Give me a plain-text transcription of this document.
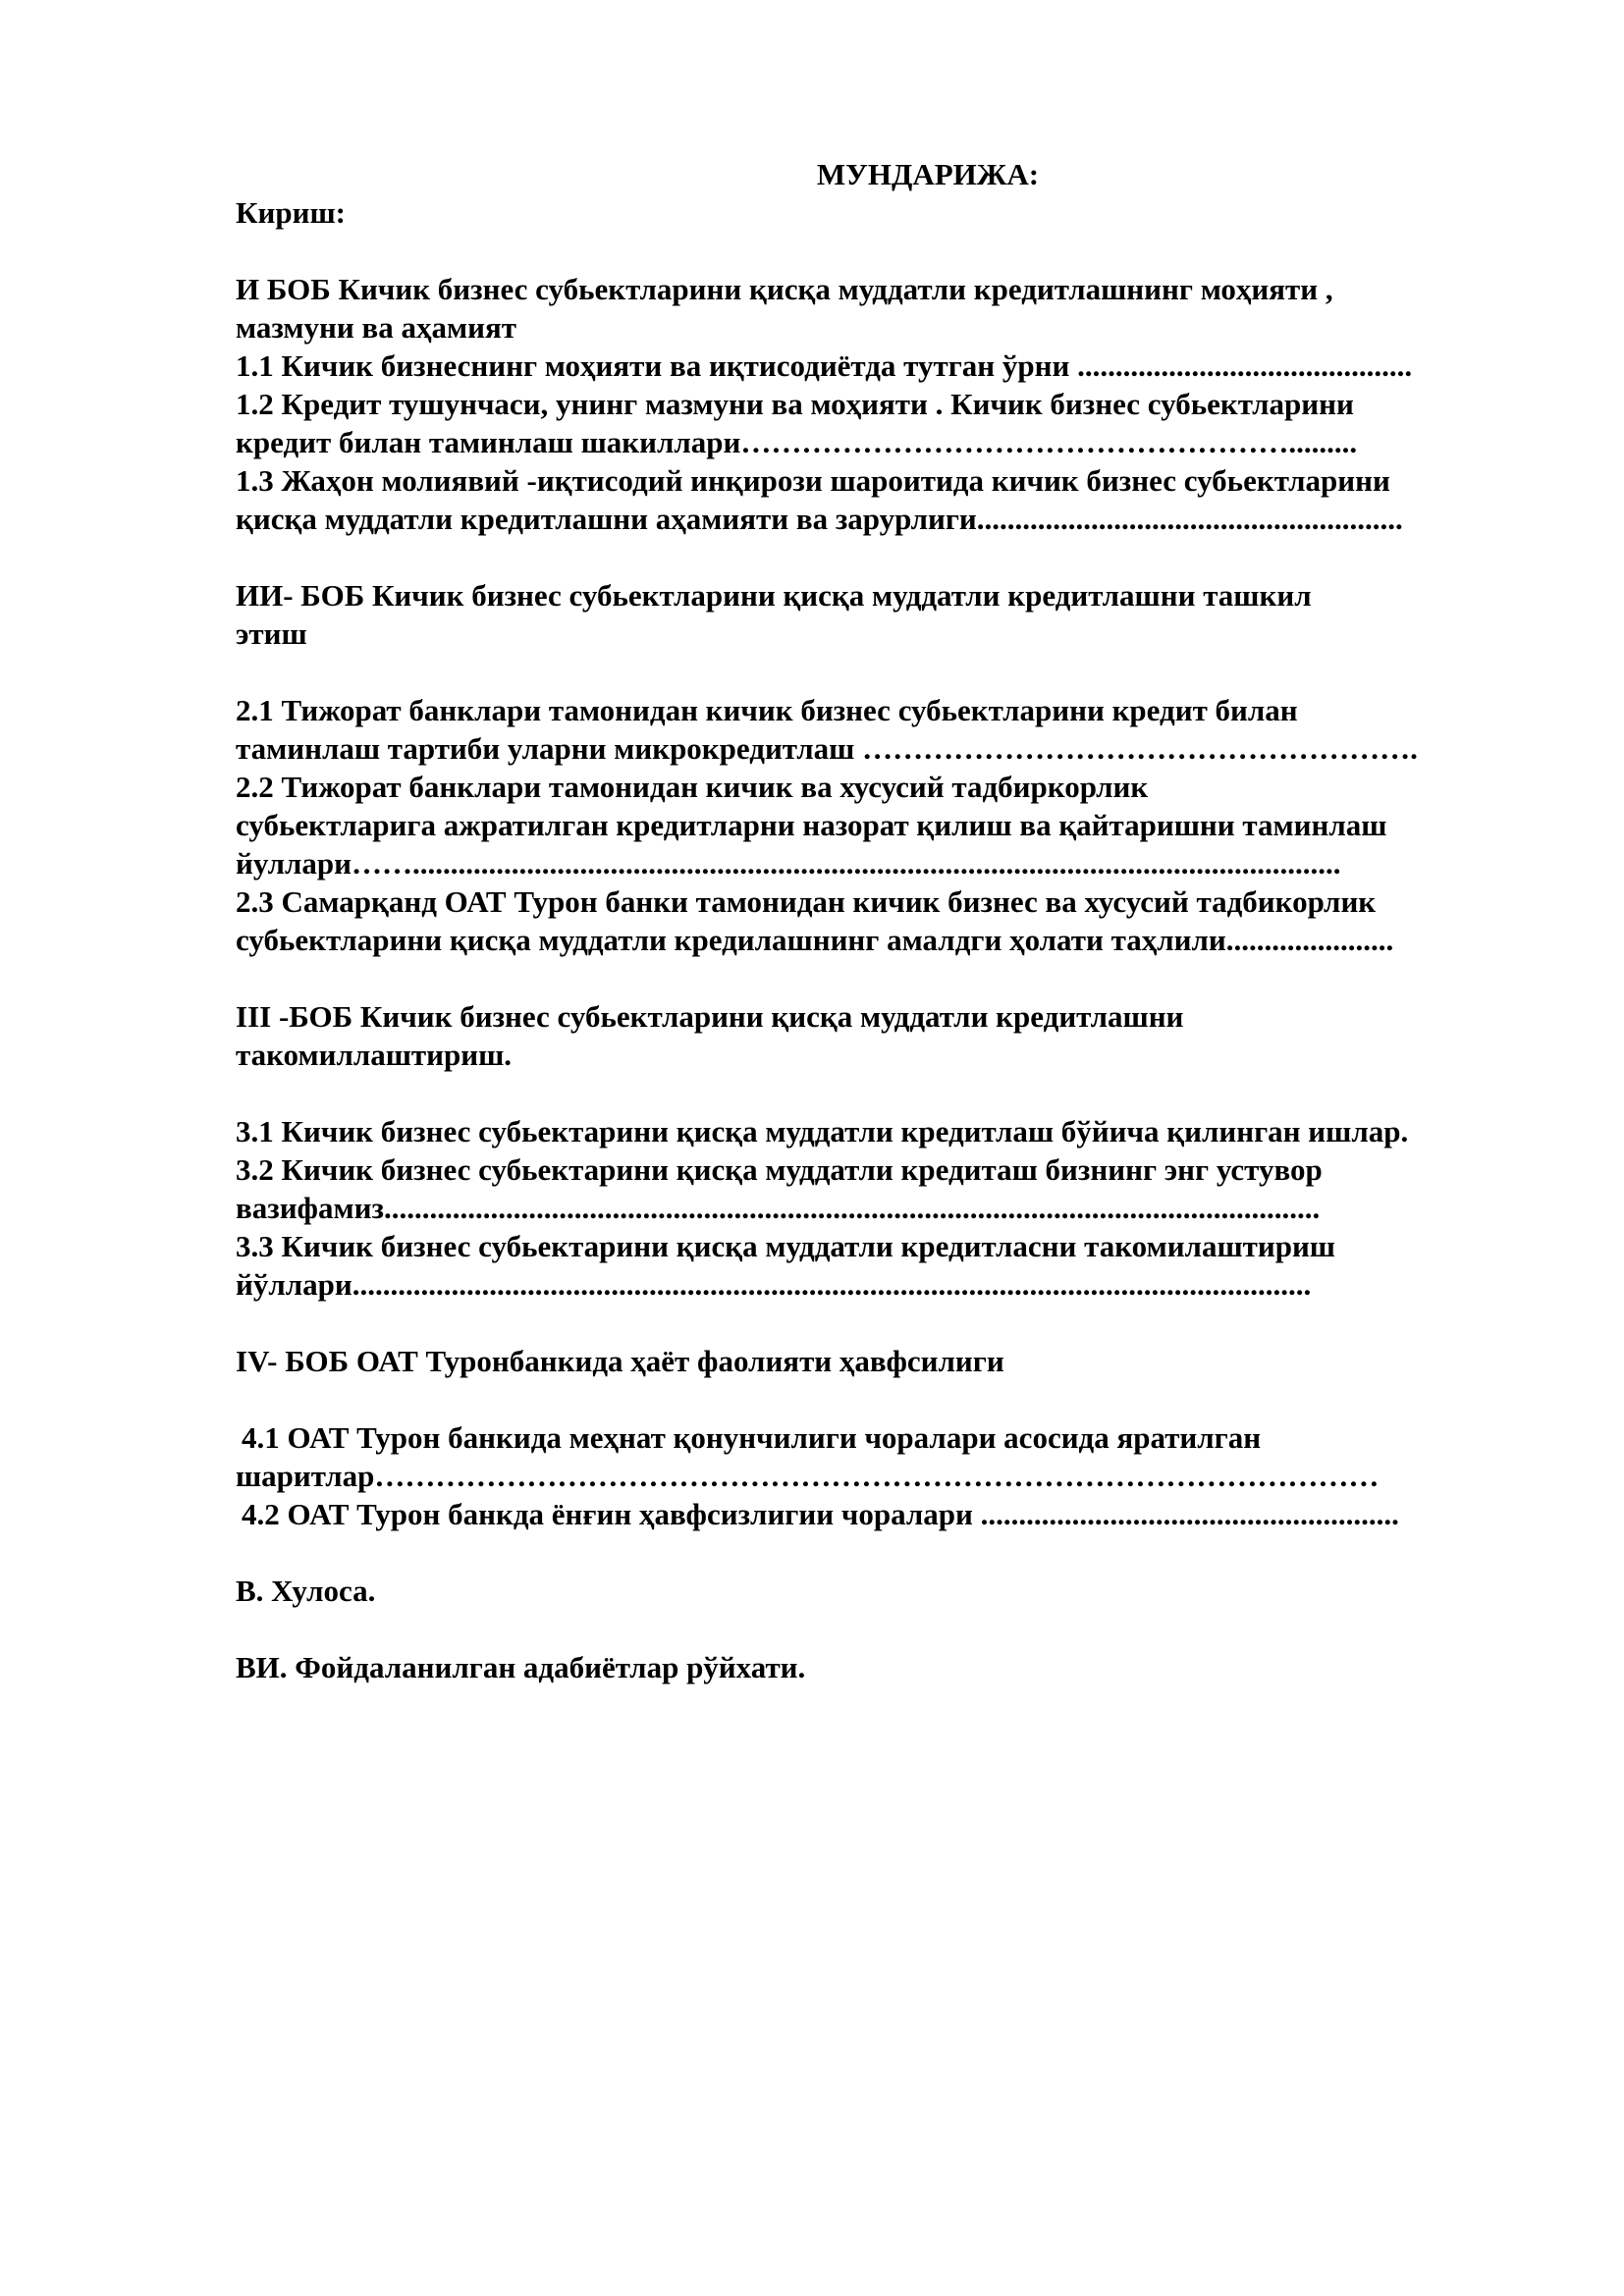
МУНДАРИЖА:

Кириш:

И БОБ Кичик бизнес субьектларини қисқа муддатли кредитлашнинг моҳияти ,

мазмуни ва аҳамият

1.1 Кичик бизнеснинг моҳияти ва иқтисодиётда тутган ўрни ............................................

1.2 Кредит тушунчаси, унинг мазмуни ва моҳияти . Кичик бизнес субьектларини

кредит билан таминлаш шакиллари……………………………………………….........

1.3 Жаҳон молиявий -иқтисодий инқирози шароитида кичик бизнес субьектларини

қисқа муддатли кредитлашни аҳамияти ва зарурлиги........................................................

ИИ- БОБ Кичик бизнес субьектларини қисқа муддатли кредитлашни ташкил

этиш

2.1 Тижорат банклари тамонидан кичик бизнес субьектларини кредит билан

таминлаш тартиби уларни микрокредитлаш ……………………………………………….

2.2 Тижорат банклари тамонидан кичик ва хусусий тадбиркорлик

субьектларига ажратилган кредитларни назорат қилиш ва қайтаришни таминлаш

йуллари……..........................................................................................................................

2.3 Самарқанд ОАТ Турон банки тамонидан кичик бизнес ва хусусий тадбикорлик

субьектларини қисқа муддатли кредилашнинг амалдги ҳолати таҳлили......................

III -БОБ Кичик бизнес субьектларини қисқа муддатли кредитлашни

такомиллаштириш.

3.1 Кичик бизнес субьектарини қисқа муддатли кредитлаш бўйича қилинган ишлар.

3.2 Кичик бизнес субьектарини қисқа муддатли кредиташ бизнинг энг устувор

вазифамиз...........................................................................................................................

3.3 Кичик бизнес субьектарини қисқа муддатли кредитласни такомилаштириш

йўллари..............................................................................................................................

IV- БОБ ОАТ Туронбанкида ҳаёт фаолияти ҳавфсилиги

4.1 ОАТ Турон банкида меҳнат қонунчилиги чоралари асосида яратилган

шаритлар………………………………………………………………………………………

4.2 ОАТ Турон банкда ёнғин ҳавфсизлигии чоралари .......................................................

В. Хулоса.

ВИ. Фойдаланилган адабиётлар рўйхати.
